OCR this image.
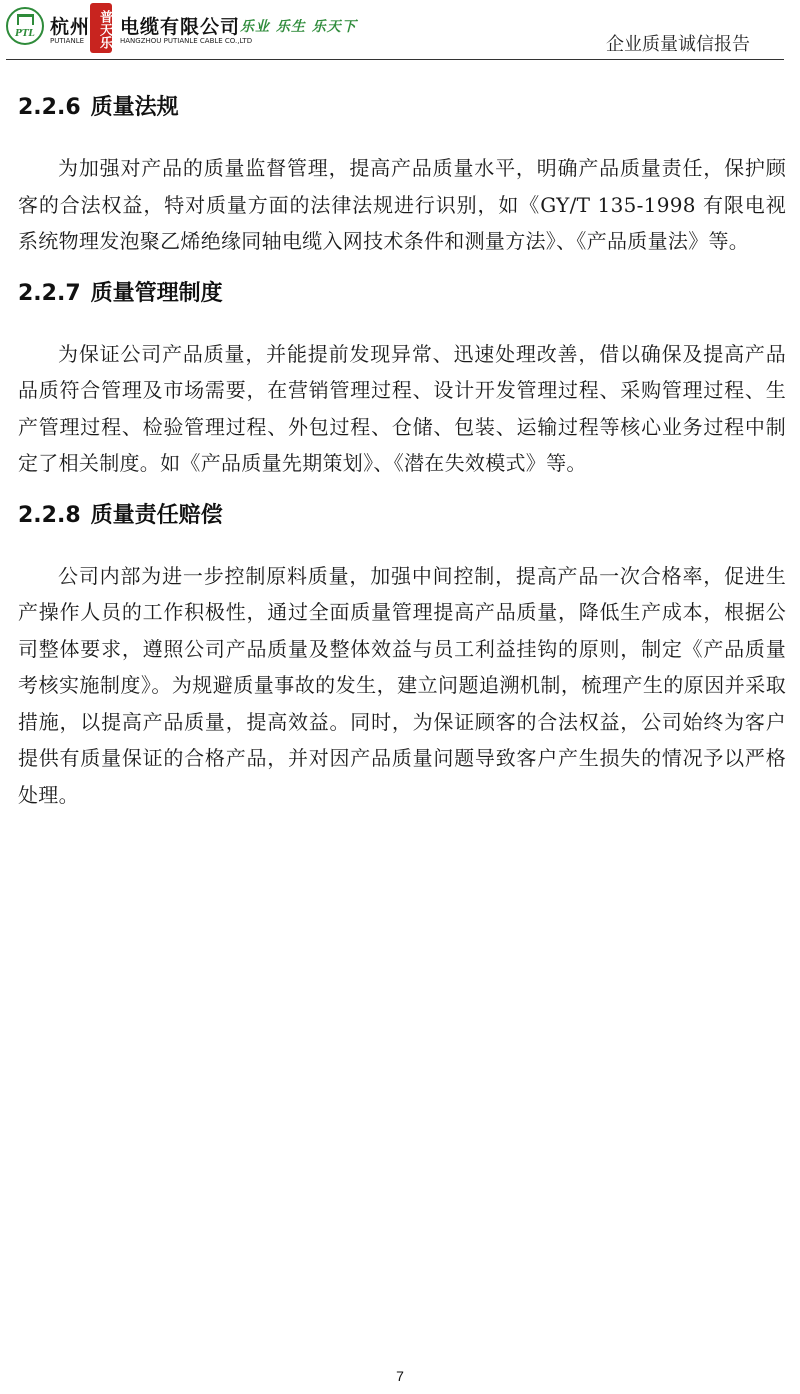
PTL 杭州
PUTIANLE 普天乐 电缆有限公司
HANGZHOU PUTIANLE CABLE CO.,LTD
乐业 乐生 乐天下
企业质量诚信报告
2.2.6 质量法规

为加强对产品的质量监督管理，提高产品质量水平，明确产品质量责任，保护顾客的合法权益，特对质量方面的法律法规进行识别，如《GY/T 135-1998 有限电视系统物理发泡聚乙烯绝缘同轴电缆入网技术条件和测量方法》、《产品质量法》等。

2.2.7 质量管理制度

为保证公司产品质量，并能提前发现异常、迅速处理改善，借以确保及提高产品品质符合管理及市场需要，在营销管理过程、设计开发管理过程、采购管理过程、生产管理过程、检验管理过程、外包过程、仓储、包装、运输过程等核心业务过程中制定了相关制度。如《产品质量先期策划》、《潜在失效模式》等。

2.2.8 质量责任赔偿

公司内部为进一步控制原料质量，加强中间控制，提高产品一次合格率，促进生产操作人员的工作积极性，通过全面质量管理提高产品质量，降低生产成本，根据公司整体要求，遵照公司产品质量及整体效益与员工利益挂钩的原则，制定《产品质量考核实施制度》。为规避质量事故的发生，建立问题追溯机制，梳理产生的原因并采取措施，以提高产品质量，提高效益。同时，为保证顾客的合法权益，公司始终为客户提供有质量保证的合格产品，并对因产品质量问题导致客户产生损失的情况予以严格处理。

7
